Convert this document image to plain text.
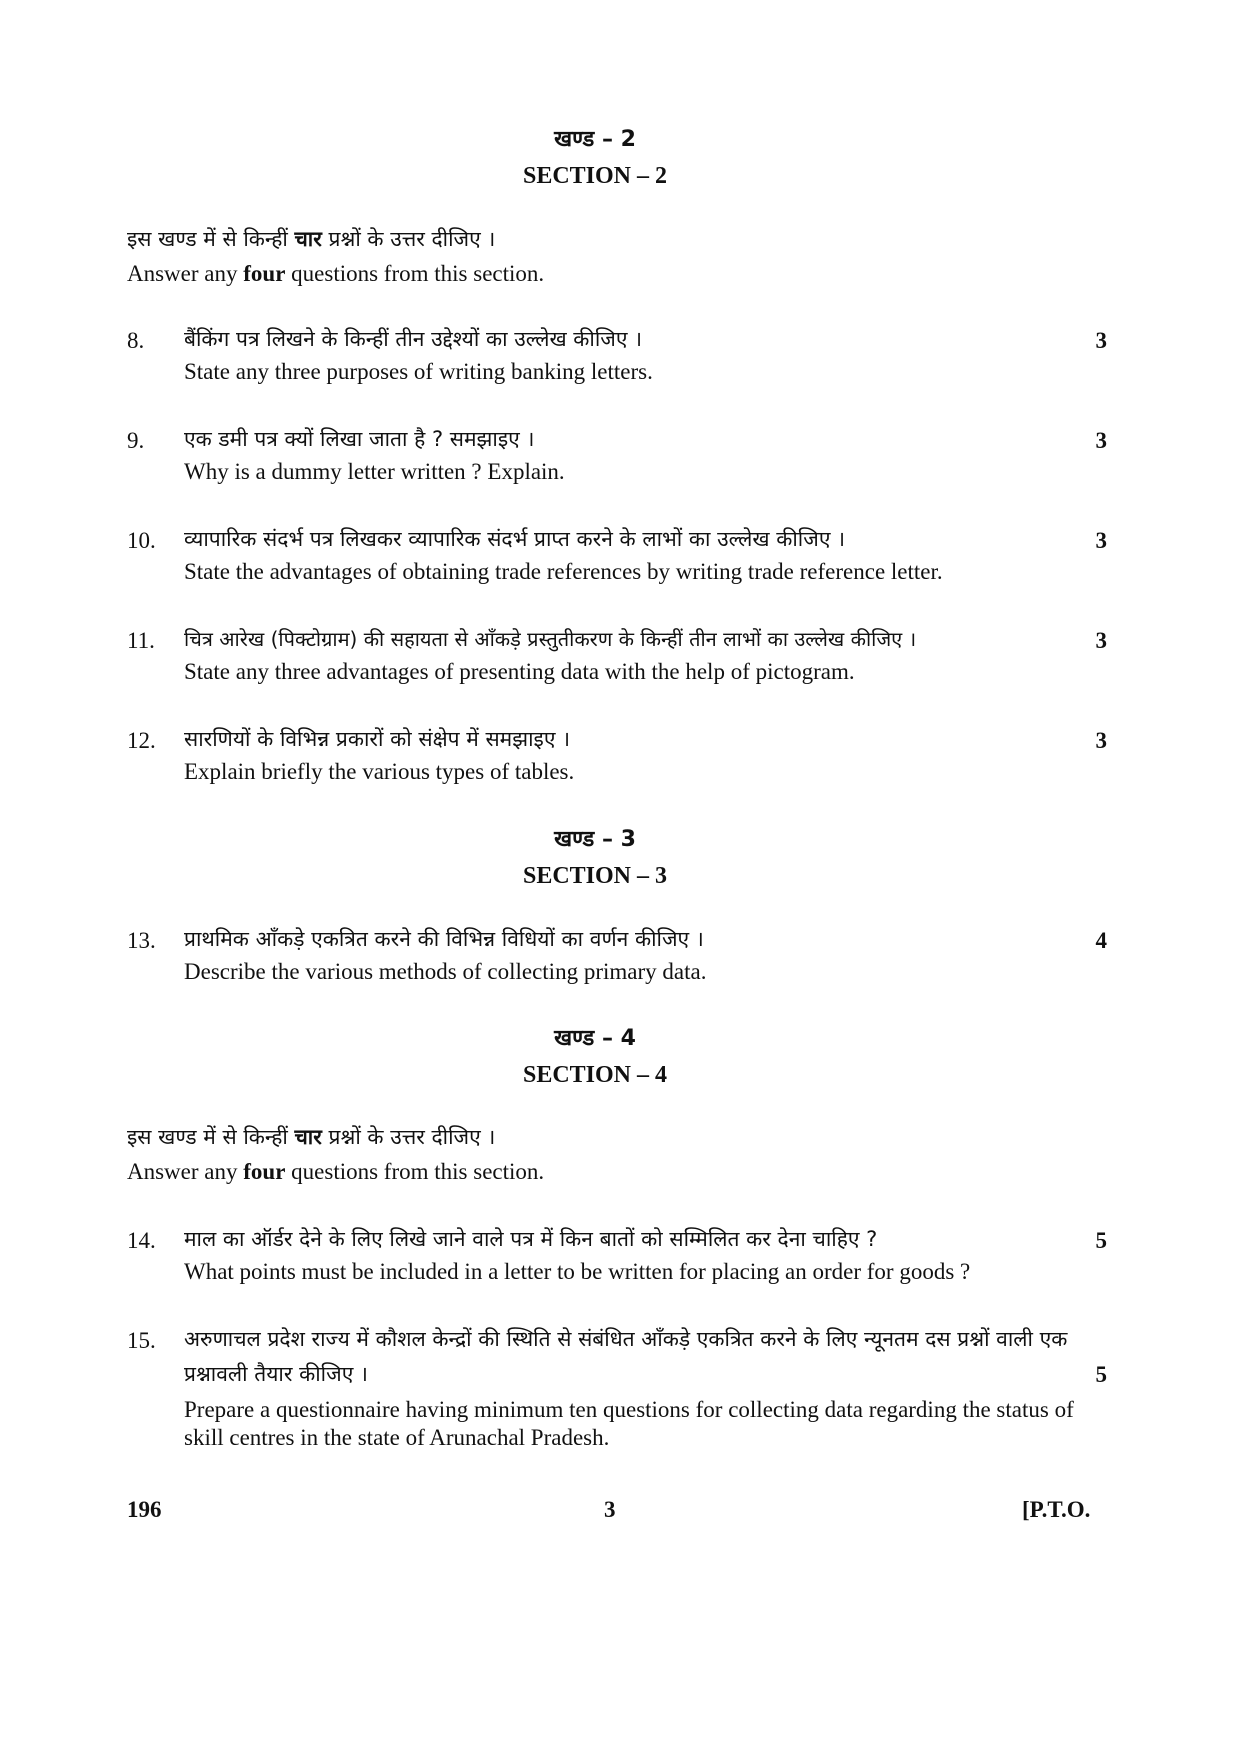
खण्ड – 2
SECTION – 2
इस खण्ड में से किन्हीं चार प्रश्नों के उत्तर दीजिए ।
Answer any four questions from this section.
8. बैंकिंग पत्र लिखने के किन्हीं तीन उद्देश्यों का उल्लेख कीजिए ।
State any three purposes of writing banking letters.
3
9. एक डमी पत्र क्यों लिखा जाता है ? समझाइए ।
Why is a dummy letter written ? Explain.
3
10. व्यापारिक संदर्भ पत्र लिखकर व्यापारिक संदर्भ प्राप्त करने के लाभों का उल्लेख कीजिए ।
State the advantages of obtaining trade references by writing trade reference letter.
3
11. चित्र आरेख (पिक्टोग्राम) की सहायता से आँकड़े प्रस्तुतीकरण के किन्हीं तीन लाभों का उल्लेख कीजिए ।
State any three advantages of presenting data with the help of pictogram.
3
12. सारणियों के विभिन्न प्रकारों को संक्षेप में समझाइए ।
Explain briefly the various types of tables.
3
खण्ड – 3
SECTION – 3
13. प्राथमिक आँकड़े एकत्रित करने की विभिन्न विधियों का वर्णन कीजिए ।
Describe the various methods of collecting primary data.
4
खण्ड – 4
SECTION – 4
इस खण्ड में से किन्हीं चार प्रश्नों के उत्तर दीजिए ।
Answer any four questions from this section.
14. माल का ऑर्डर देने के लिए लिखे जाने वाले पत्र में किन बातों को सम्मिलित कर देना चाहिए ?
What points must be included in a letter to be written for placing an order for goods ?
5
15. अरुणाचल प्रदेश राज्य में कौशल केन्द्रों की स्थिति से संबंधित आँकड़े एकत्रित करने के लिए न्यूनतम दस प्रश्नों वाली एक प्रश्नावली तैयार कीजिए ।
Prepare a questionnaire having minimum ten questions for collecting data regarding the status of skill centres in the state of Arunachal Pradesh.
5
196	3	[P.T.O.
